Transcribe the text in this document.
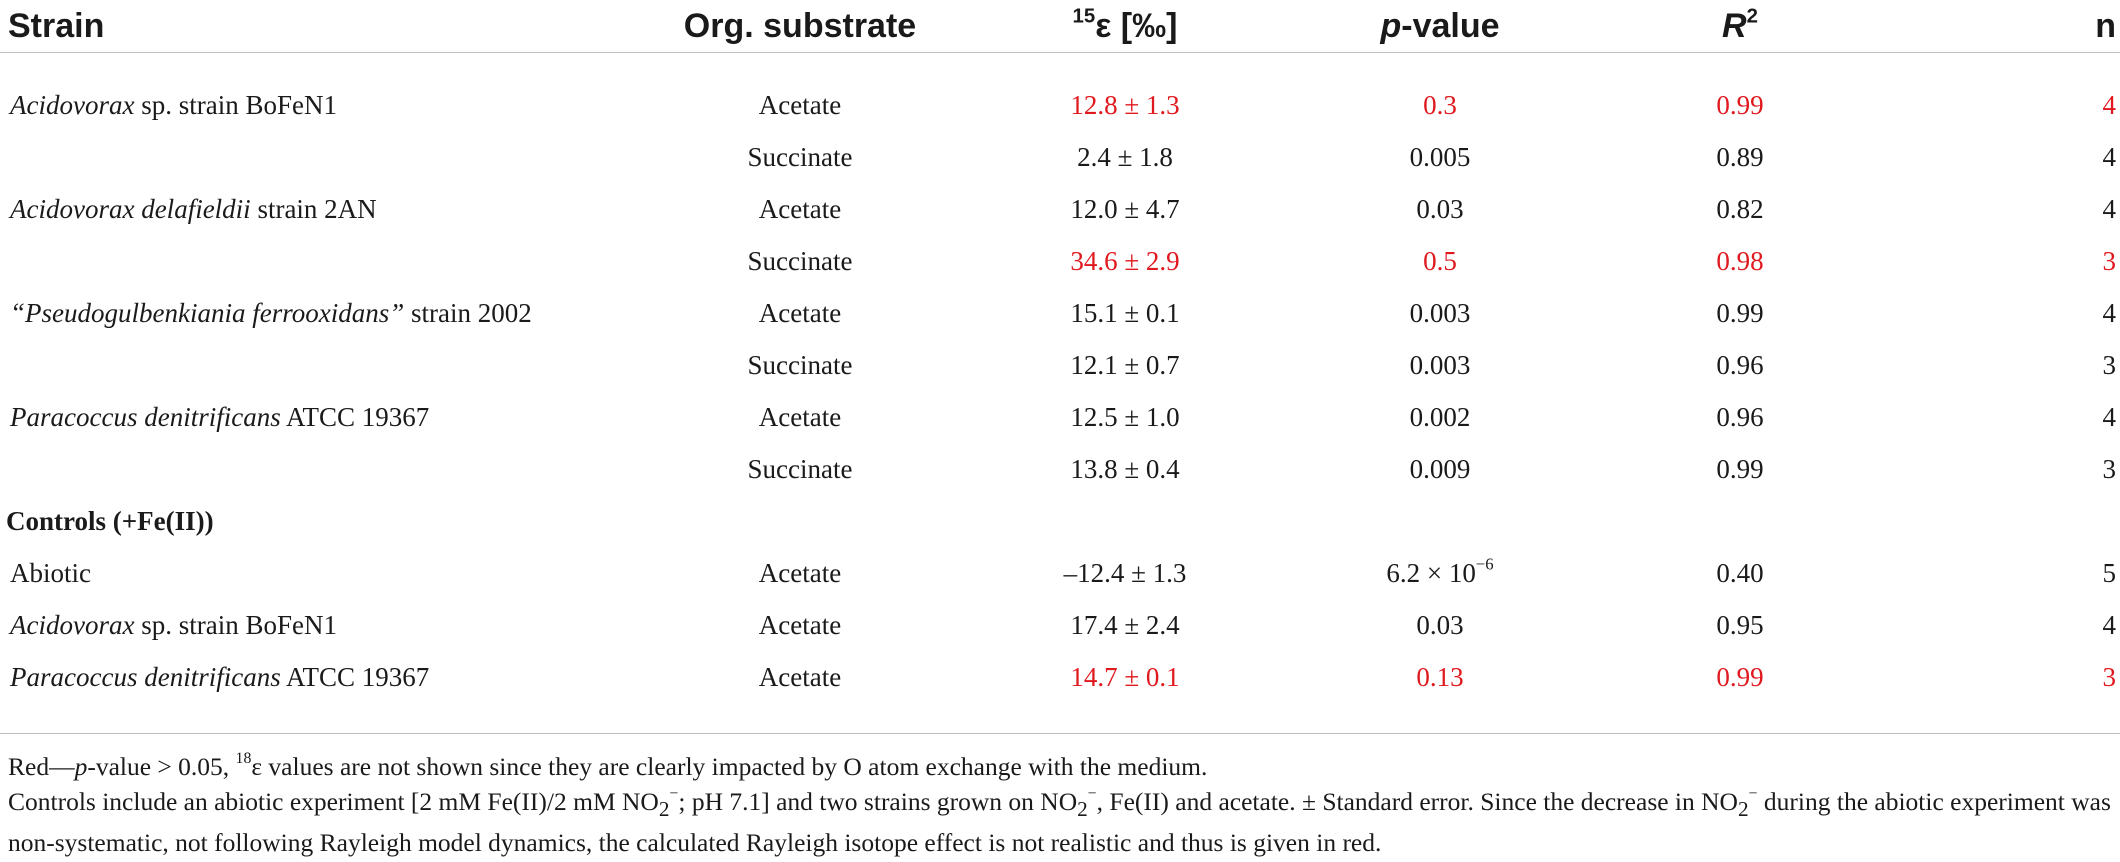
Strain	Org. substrate	$^{15}$ε [‰]	p-value	$R^2$	n

Acidovorax sp. strain BoFeN1	Acetate	12.8 ± 1.3	0.3	0.99	4
	Succinate	2.4 ± 1.8	0.005	0.89	4
Acidovorax delafieldii strain 2AN	Acetate	12.0 ± 4.7	0.03	0.82	4
	Succinate	34.6 ± 2.9	0.5	0.98	3
“Pseudogulbenkiania ferrooxidans” strain 2002	Acetate	15.1 ± 0.1	0.003	0.99	4
	Succinate	12.1 ± 0.7	0.003	0.96	3
Paracoccus denitrificans ATCC 19367	Acetate	12.5 ± 1.0	0.002	0.96	4
	Succinate	13.8 ± 0.4	0.009	0.99	3
Controls (+Fe(II))					
Abiotic	Acetate	–12.4 ± 1.3	$6.2 \times 10^{-6}$	0.40	5
Acidovorax sp. strain BoFeN1	Acetate	17.4 ± 2.4	0.03	0.95	4
Paracoccus denitrificans ATCC 19367	Acetate	14.7 ± 0.1	0.13	0.99	3

Red—p-value > 0.05, $^{18}$ε values are not shown since they are clearly impacted by O atom exchange with the medium.

Controls include an abiotic experiment [2 mM Fe(II)/2 mM $NO_2^-$; pH 7.1] and two strains grown on $NO_2^-$, Fe(II) and acetate. ± Standard error. Since the decrease in $NO_2^-$ during the abiotic experiment was non-systematic, not following Rayleigh model dynamics, the calculated Rayleigh isotope effect is not realistic and thus is given in red.
